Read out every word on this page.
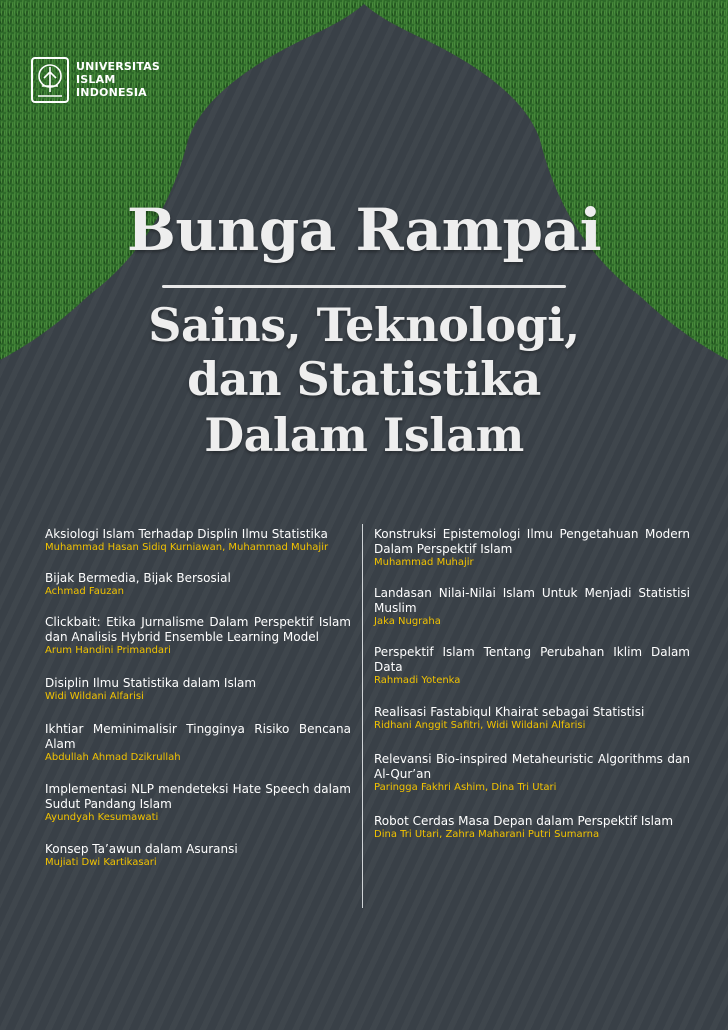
UNIVERSITAS
ISLAM
INDONESIA
Bunga Rampai
Sains, Teknologi,
dan Statistika
Dalam Islam
Aksiologi Islam Terhadap Displin Ilmu Statistika
Muhammad Hasan Sidiq Kurniawan, Muhammad Muhajir
Bijak Bermedia, Bijak Bersosial
Achmad Fauzan
Clickbait: Etika Jurnalisme Dalam Perspektif Islam dan Analisis Hybrid Ensemble Learning Model
Arum Handini Primandari
Disiplin Ilmu Statistika dalam Islam
Widi Wildani Alfarisi
Ikhtiar Meminimalisir Tingginya Risiko Bencana Alam
Abdullah Ahmad Dzikrullah
Implementasi NLP mendeteksi Hate Speech dalam Sudut Pandang Islam
Ayundyah Kesumawati
Konsep Ta’awun dalam Asuransi
Mujiati Dwi Kartikasari
Konstruksi Epistemologi Ilmu Pengetahuan Modern Dalam Perspektif Islam
Muhammad Muhajir
Landasan Nilai-Nilai Islam Untuk Menjadi Statistisi Muslim
Jaka Nugraha
Perspektif Islam Tentang Perubahan Iklim Dalam Data
Rahmadi Yotenka
Realisasi Fastabiqul Khairat sebagai Statistisi
Ridhani Anggit Safitri, Widi Wildani Alfarisi
Relevansi Bio-inspired Metaheuristic Algorithms dan Al-Qur’an
Paringga Fakhri Ashim, Dina Tri Utari
Robot Cerdas Masa Depan dalam Perspektif Islam
Dina Tri Utari, Zahra Maharani Putri Sumarna
